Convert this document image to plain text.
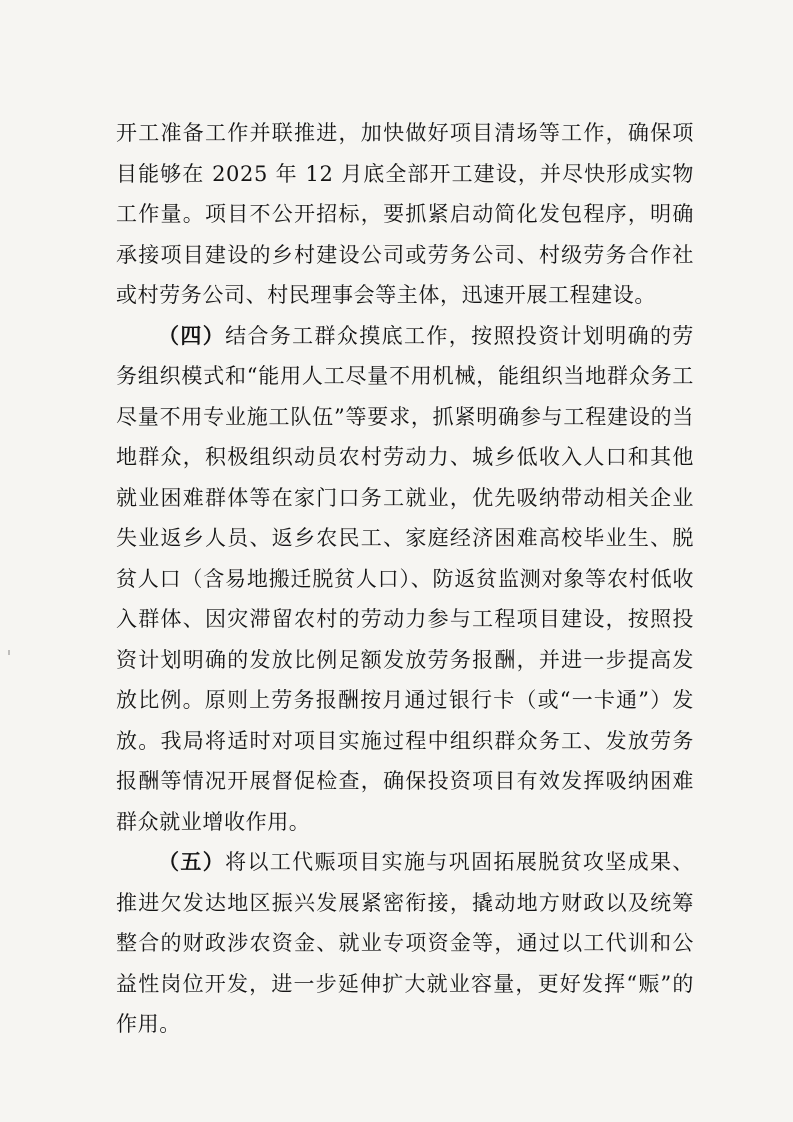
开工准备工作并联推进，加快做好项目清场等工作，确保项目能够在 2025 年 12 月底全部开工建设，并尽快形成实物工作量。项目不公开招标，要抓紧启动简化发包程序，明确承接项目建设的乡村建设公司或劳务公司、村级劳务合作社或村劳务公司、村民理事会等主体，迅速开展工程建设。

（四）结合务工群众摸底工作，按照投资计划明确的劳务组织模式和“能用人工尽量不用机械，能组织当地群众务工尽量不用专业施工队伍”等要求，抓紧明确参与工程建设的当地群众，积极组织动员农村劳动力、城乡低收入人口和其他就业困难群体等在家门口务工就业，优先吸纳带动相关企业失业返乡人员、返乡农民工、家庭经济困难高校毕业生、脱贫人口（含易地搬迁脱贫人口）、防返贫监测对象等农村低收入群体、因灾滞留农村的劳动力参与工程项目建设，按照投资计划明确的发放比例足额发放劳务报酬，并进一步提高发放比例。原则上劳务报酬按月通过银行卡（或“一卡通”）发放。我局将适时对项目实施过程中组织群众务工、发放劳务报酬等情况开展督促检查，确保投资项目有效发挥吸纳困难群众就业增收作用。

（五）将以工代赈项目实施与巩固拓展脱贫攻坚成果、推进欠发达地区振兴发展紧密衔接，撬动地方财政以及统筹整合的财政涉农资金、就业专项资金等，通过以工代训和公益性岗位开发，进一步延伸扩大就业容量，更好发挥“赈”的作用。
